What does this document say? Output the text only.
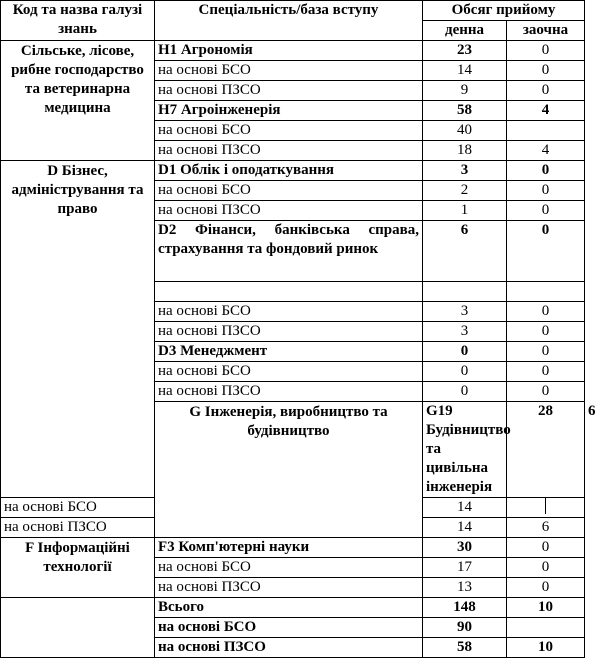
Код та назва галузі знань	Спеціальність/база вступу	Обсяг прийому		
		денна	заочна	
Сільське, лісове, рибне господарство та ветеринарна медицина	Н1 Агрономія	23	0	
	на основі БСО	14	0	
	на основі ПЗСО	9	0	
	Н7 Агроінженерія	58	4	
	на основі БСО	40		
	на основі ПЗСО	18	4	
D Бізнес, адміністрування та право	D1 Облік і оподаткування	3	0	
	на основі БСО	2	0	
	на основі ПЗСО	1	0	
	D2 Фінанси, банківська справа, страхування та фондовий ринок	6	0	

	на основі БСО	3	0	
	на основі ПЗСО	3	0	
	D3 Менеджмент	0	0	
	на основі БСО	0	0	
	на основі ПЗСО	0	0	
	G Інженерія, виробництво та будівництво	G19 Будівництво та цивільна інженерія	28	6
на основі БСО		14		
на основі ПЗСО		14	6	
F Інформаційні технології	F3 Комп'ютерні науки	30	0	
	на основі БСО	17	0	
	на основі ПЗСО	13	0	
	Всього	148	10	
	на основі БСО	90		
	на основі ПЗСО	58	10	
